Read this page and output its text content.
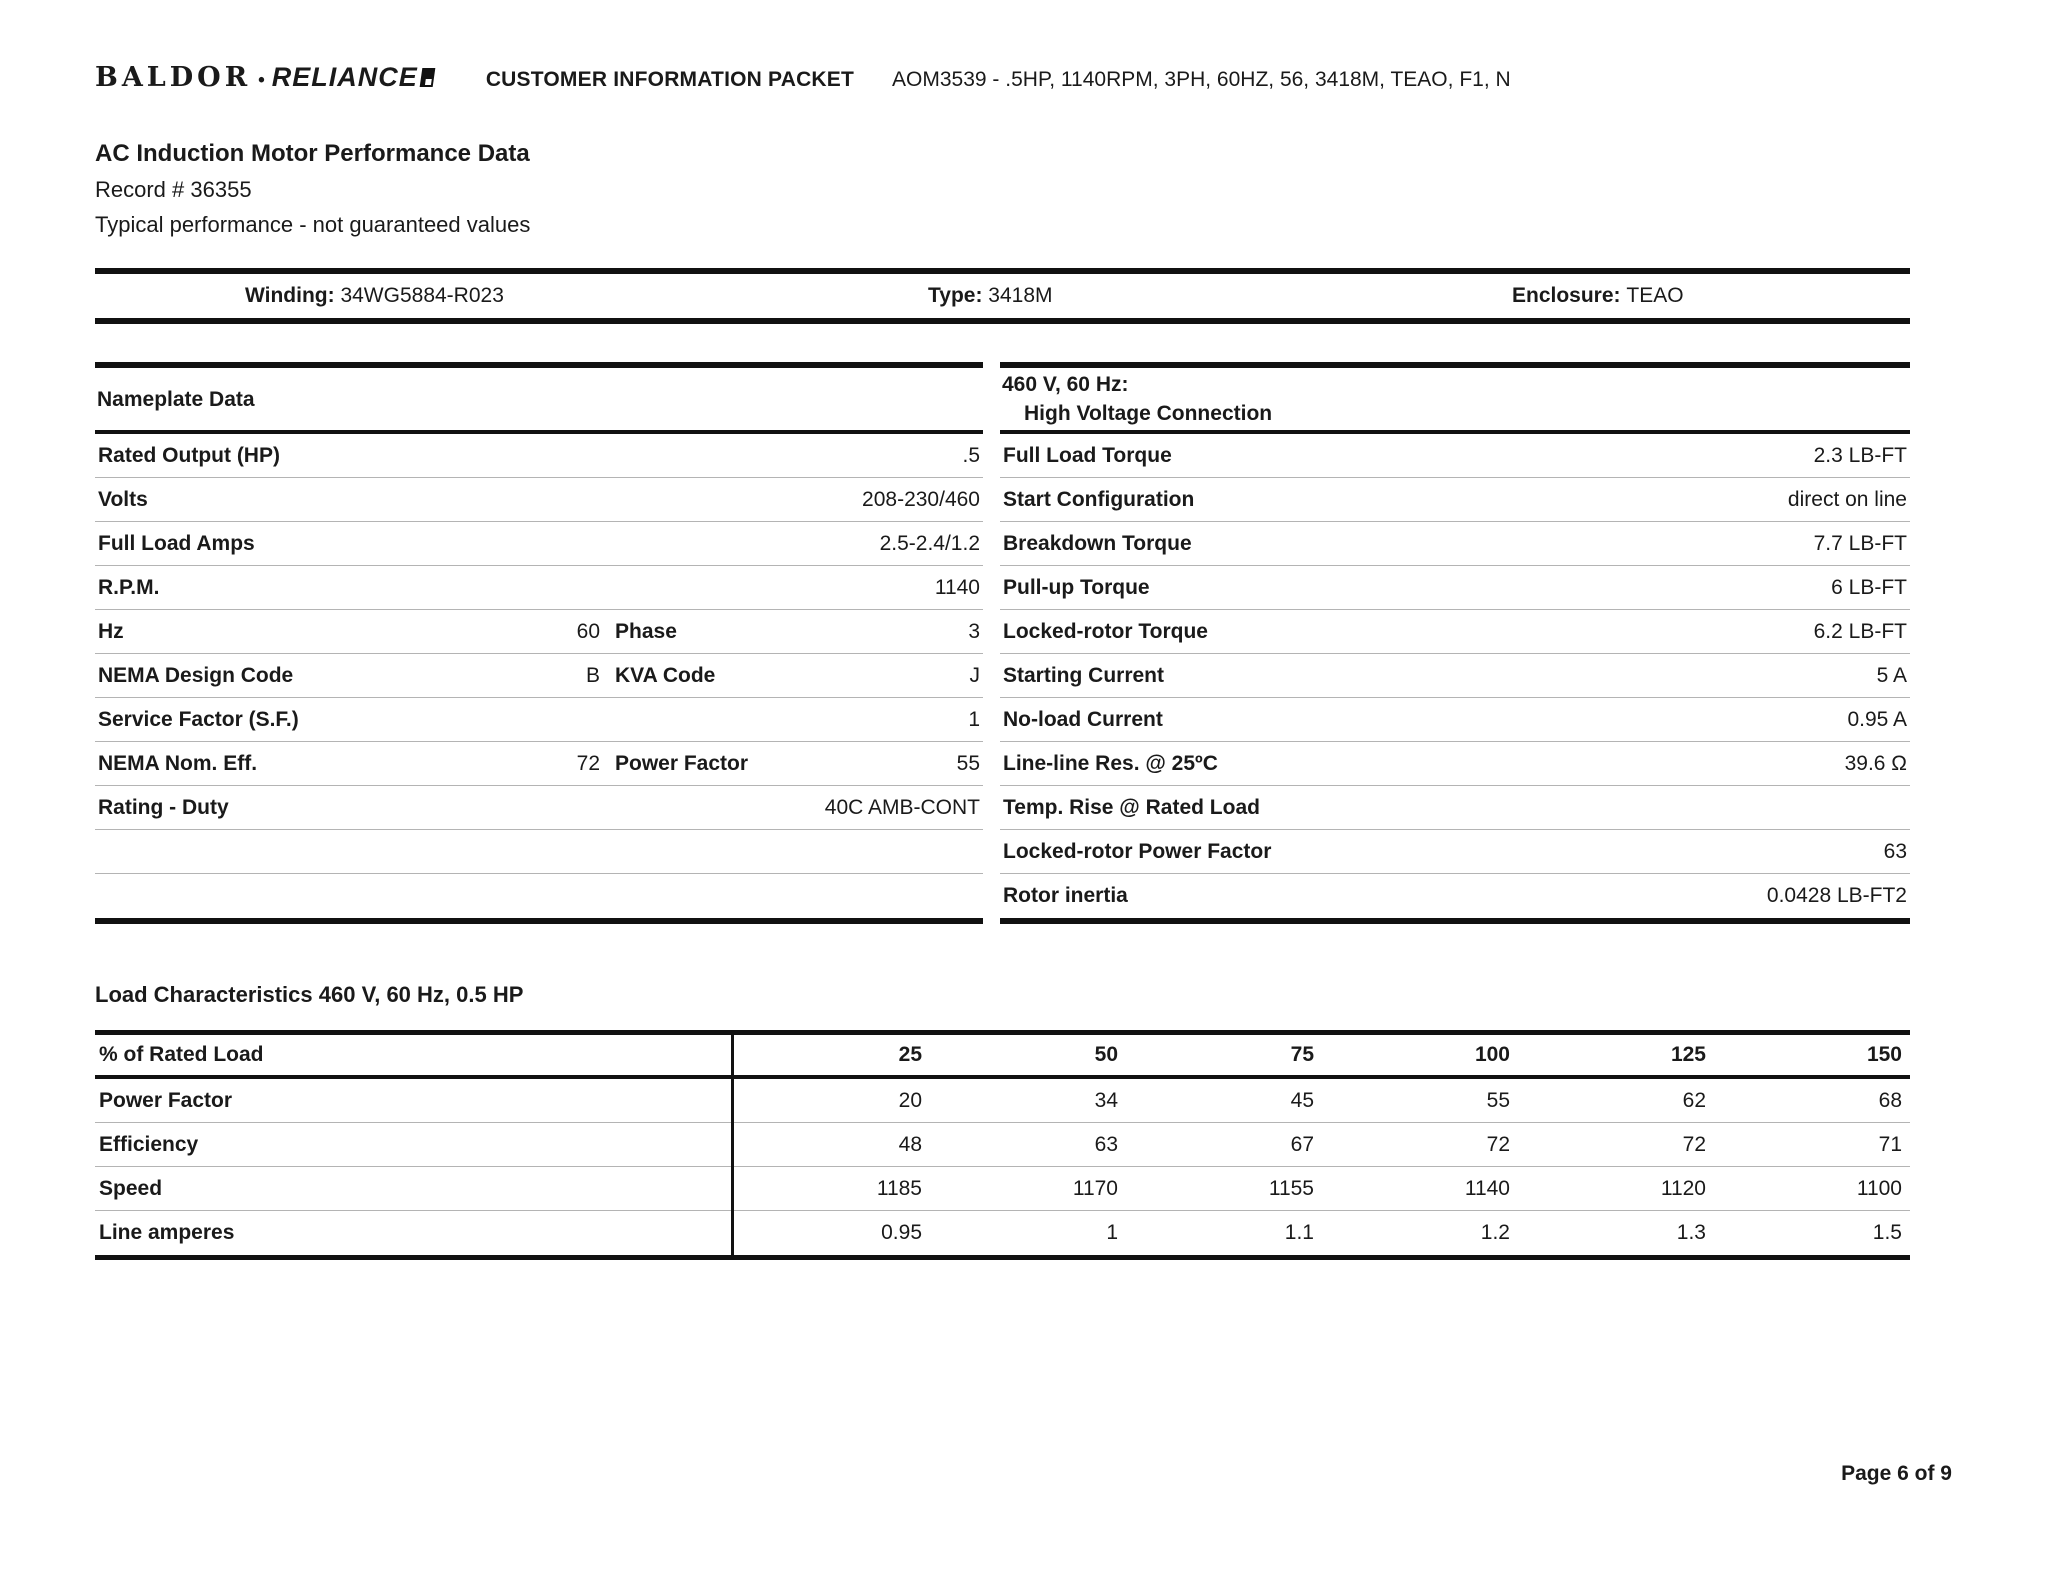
BALDOR • RELIANCE	CUSTOMER INFORMATION PACKET AOM3539 - .5HP, 1140RPM, 3PH, 60HZ, 56, 3418M, TEAO, F1, N
AC Induction Motor Performance Data
Record # 36355
Typical performance - not guaranteed values
Winding: 34WG5884-R023	Type: 3418M	Enclosure: TEAO
Nameplate Data
Rated Output (HP)	.5
Volts	208-230/460
Full Load Amps	2.5-2.4/1.2
R.P.M.	1140
Hz	60 Phase	3
NEMA Design Code	B KVA Code	J
Service Factor (S.F.)	1
NEMA Nom. Eff.	72 Power Factor	55
Rating - Duty	40C AMB-CONT
460 V, 60 Hz:
High Voltage Connection
Full Load Torque	2.3 LB-FT
Start Configuration	direct on line
Breakdown Torque	7.7 LB-FT
Pull-up Torque	6 LB-FT
Locked-rotor Torque	6.2 LB-FT
Starting Current	5 A
No-load Current	0.95 A
Line-line Res. @ 25ºC	39.6 Ω
Temp. Rise @ Rated Load
Locked-rotor Power Factor	63
Rotor inertia	0.0428 LB-FT2
Load Characteristics 460 V, 60 Hz, 0.5 HP
% of Rated Load	25	50	75	100	125	150
Power Factor	20	34	45	55	62	68
Efficiency	48	63	67	72	72	71
Speed	1185	1170	1155	1140	1120	1100
Line amperes	0.95	1	1.1	1.2	1.3	1.5
Page 6 of 9
